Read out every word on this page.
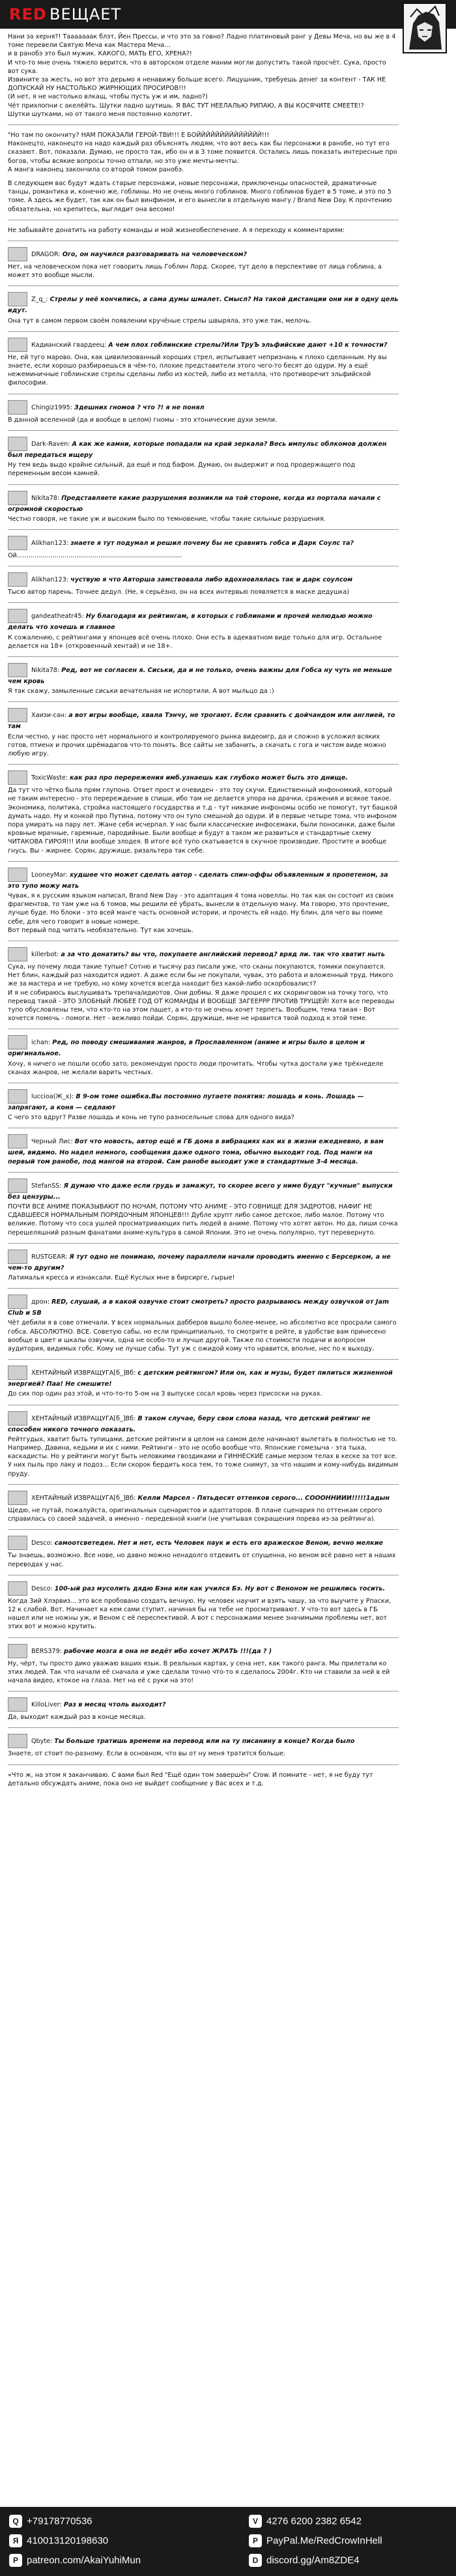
RED ВЕЩАЕТ

Нани за херня?! Тааааааак блэт, Йен Прессы, и что это за говно? Ладно платиновый ранг у Девы Меча, но вы же в 4 томе перевели Святую Меча как Мастера Меча…
и в ранобэ это был мужик. КАКОГО, МАТЬ ЕГО, ХРЕНА?!
И что-то мне очень тяжело верится, что в авторском отделе мании могли допустить такой просчёт. Сука, просто вот сука.
Извините за жесть, но вот это дерьмо я ненавижу больше всего. Лицушник, требуешь денег за контент - ТАК НЕ ДОПУСКАЙ НУ НАСТОЛЬКО ЖИРНЮЩИХ ПРОСИРОВ!!!
(И нет, я не настолько влкащ, чтобы пусть уж и им, ладно?)
Чёт прихлопни с акелёйть. Шутки ладно шутишь. Я ВАС ТУТ НЕЕЛАЛЬЮ РИПАЮ, А ВЫ КОСЯЧИТЕ СМЕЕТЕ!?
Шутки шутками, но от такого меня постоянно колотит.

"Но там по окончиту? НАМ ПОКАЗАЛИ ГЕРОЙ-ТВИ!!! Е БОЙЙЙЙЙЙЙЙЙЙЙЙЙЙ!!!
Наконецто, наконецто на надо каждый раз объяснять людям, что вот весь как бы персонажи в ранобе, но тут его сказают. Вот, показали. Думаю, не просто так, ибо он и в 3 томе появится. Остались лишь показать интересные про богов, чтобы всякие вопросы точно отпали, но это уже мечты-мечты.
А манга наконец закончила со второй томом ранобэ.

В следующем вас будут ждать старые персонажи, новые персонажи, приключенцы опасностей, драматичные танцы, романтика и, конечно же, гоблины. Но не очень много гоблинов. Много гоблинов будет в 5 томе, и это по 5 томе. А здесь же будет, так как он был винфином, и его вынесли в отдельную мангу / Brand New Day. К прочтению обязательна, но крепитесь, выглядит она весомо!

Не забывайте донатить на работу команды и мой жизнеобеспечение. А я переходу к комментариям:

DRAGOR: Ого, он научился разговаривать на человеческом?

Нет, на человеческом пока нет говорить лишь Гоблин Лорд. Скорее, тут дело в перспективе от лица гоблина, а может это вообще мысли.

Z_q_: Стрелы у неё кончились, а сама думы шмалет. Смысл? На такой дистанции они ни в одну цель идут.

Она тут в самом первом своём появлении кручёные стрелы швыряла, это уже так, мелочь.

Кадианский гвардеец: А чем плох гоблинские стрелы?Или ТруЪ эльфийские дают +10 к точности?

Не, ей туго марово. Она, как цивилизованный хороших стрел, испытывает непризнань к плохо сделанным. Ну вы знаете, если хорошо разбираешься в чём-то, плохие представители этого чего-то бесят до одури. Ну а ещё нежеминичные гоблинские стрелы сделаны либо из костей, либо из металла, что противоречит эльфийской философии.

Chingiz1995: Здешних гномов ? что ?! я не понял

В данной вселенной (да и вообще в целом) гномы - это хтонические духи земли.

Dark-Raven: А как же камни, которые попадали на край зеркала? Весь импульс облкомов должен был передаться ищеру

Ну тем ведь выдо крайне сильный, да ещё и под бафом. Думаю, он выдержит и под продержащего под переменным весом камней.

Nikita78: Представляете какие разрушения возникли на той стороне, когда из портала начали с огромной скоростью

Честно говоря, не такие уж и высоким было по темновение, чтобы такие сильные разрушения.

Alikhan123: знаете я тут подумал и решил почему бы не сравнить гобса и Дарк Соулс та?

Ой...................................................................................

Alikhan123: чуствую я что Авторша замствовала либо вдохновлялась так и дарк соулсом

Тысю автор парень. Точнее дедул. (Не, я серьёзно, он на всех интервью появляется в маске дедушка)

gandeatheatr45: Ну благодаря их рейтингам, в которых с гоблинами и прочей нелюдью можно делать что хочешь и главное

К сожалению, с рейтингами у японцев всё очень плохо. Они есть в адекватном виде только для игр. Остальное делается на 18+ (откровенный хентай) и не 18+.

Nikita78: Ред, вот не согласен я. Сиськи, да и не только, очень важны для Гобса ну чуть не меньше чем кровь

Я так скажу, замыленные сиськи вечательная не испортили. А вот мыльцо да :)

Хаизи-сан: а вот игры вообще, хвала Тэнчу, не трогают. Если сравнить с дойчандом или англией, то там

Если честно, у нас просто нет нормального и контролируемого рынка видеоигр, да и сложно в усложил всяких готов, птиенх и прочих шрёмадагов что-то понять. Все сайты не забанить, а скачать с гога и чистом виде можно любую игру.

ToxicWaste: как раз про перережения имб.узнаешь как глубоко может быть это днище.

Да тут что чётко была прям глупона. Ответ прост и очевиден - это тоу скучи. Единственный инфономкий, который не таким интересно - это перереждение в спиши, ибо там не делается упора на драчки, сражения и всякое такое. Экономика, политика, стройка настоящего государства и т.д - тут никакие инфономы особо не помогут, тут башкой думать надо. Ну и конкой про Путина, потому что он тупо смешной до одури. И в первые четыре тома, что инфоном пора умирать на пару лет. Жане себя исчерпал. У нас были классические инфосемаки, были поносинки, даже были кровные мрачные, гаремные, пародийные. Были вообще и будут в таком же развиться и стандартные схему ЧИТАКОВА ГИРОЯ!!! Или вообще злодея. В итоге всё тупо скатывается в скучное производие. Простите и вообще гнусь. Вы - жирнее. Сорян, дружище, ризальтера так себе.

LooneyMar: худшее что может сделать автор - сделать спин-оффы объявленным я пропетеном, за это тупо можу мать

Чувак, я к русским языком написал, Brand New Day - это адаптация 4 тома новеллы. Но так как он состоит из своих фрагментов, то там уже на 6 томов, мы решили её убрать, вынесли в отдельную ману. Ма говорю, это прочтение, лучше буде. Но блоки - это всей манге часть основной истории, и прочесть ей надо. Ну блин, для чего вы поиме себе, для чего говорит в новые номере.
Вот первый под читать необязательно. Тут как хочешь.

killerbot: а за что донатить? вы что, покупаете английский перевод? вряд ли. так что хватит ныть

Сука, ну почему люди такие тупые? Сотню и тысячу раз писали уже, что сканы покупаются, томики покупаются. Нет блин, каждый раз находится идиот. А даже если бы не покупали, чувак, это работа и вложенный труд. Никого же за мастера и не требую, но кому хочется всегда находит без какой-либо оскорбовалист?
И я не собираюсь выслушивать трепача/идиотов. Они добмы. Я даже прошел с их скоринговом на точку того, что перевод такой - ЭТО ЗЛОБНЫЙ ЛЮБЕЕ ГОД ОТ КОМАНДЫ И ВООБЩЕ ЗАГЕЕРРР ПРОТИВ ТРУЩЕЙ! Хотя все переводы тупо обусловлены тем, что кто-то на этом пашет, а кто-то не очень хочет терпеть. Вообщем, тема такая - Вот хочется помочь - помоги. Нет - вежливо пойди. Сорян, дружище, мне не нравится твой подход к этой теме.

ichan: Ред, по поводу смешивания жанров, в Прославленном (аниме и игры было в целом и оригинальное.

Хочу, я ничего не пошли особо зато, рекомендую просто люди прочитать. Чтобы чутка достали уже трёхнеделе сканах жанров, не желали варить честных.

luccioa(Ж_x): В 9-ом томе ошибка.Вы постоянно путаете понятия: лошадь и конь. Лошадь — запрягают, а коня — седлают

С чего это вдруг? Разве лошадь и конь не тупо разносельные слова для одного вида?

Черный Лис: Вот что новость, автор ещё и ГБ дома в вибрациях как их в жизни ежедневно, в вам шей, видимо. Но надел немного, сообщения даже одного тома, обычно выходит год. Под манги на первый том ранобе, под мангой на второй. Сам ранобе выходит уже в стандартные 3-4 месяца.
StefanSS: Я думаю что даже если грудь и замажут, то скорее всего у ниме будут "кучные" выпуски без цензуры...

ПОЧТИ ВСЕ АНИМЕ ПОКАЗЫВАЮТ ПО НОЧАМ, ПОТОМУ ЧТО АНИМЕ - ЭТО ГОВНИЩЕ ДЛЯ ЗАДРОТОВ, НАФИГ НЕ СДАВШЕЕСЯ НОРМАЛЬНЫМ ПОРЯДОЧНЫМ ЯПОНЦЕВ!!! Дубле хрупт либо самое детское, либо малое. Потому что великие. Потому что соса ушлей просматривающих пить людей в аниме. Потому что хотят автон. Но да, пиши сочка перешеляшний разным фанатами аниме-культура в самой Японии. Это не очень популярно, тут перевернуто.

RUSTGEAR: Я тут одно не понимаю, почему параллели начали проводить именно с Берсерком, а не чем-то другим?

Латималья кресса и изнаксали. Ещё Куслых мне в бирсирге, гырые!

дрон: RED, слушай, а в какой озвучке стоит смотреть? просто разрываюсь между озвучкой от Jam Club и SB

Чёт дебили я в сове отмечали. У всех нормальных дабберов вышло более-менее, но абсолютно все просрали самого гобса. АБСОЛЮТНО. ВСЕ. Советую сабы, но если принципиально, то смотрите в рейте, в удобстве вам принесено вообще в цвет и шкалы озвучки, одна не особо-то и лучше другой. Также по стоимости подачи и вопросом аудитория, видимых гобс. Кому не лучше сабы. Тут уж с ожидой кому что нравится, вполне, нес по к выходу.

ХЕНТАЙНЫЙ ИЗВРАЩУГА[б_]Вб: с детским рейтингом? Или он, как и музы, будет пилиться жизненной энергией? Паа! Не смешите!

До сих пор один раз этой, и что-то-то 5-ом на 3 выпуске сосал кровь через присоски на руках.

ХЕНТАЙНЫЙ ИЗВРАЩУГА[б_]Вб: В таком случае, беру свои слова назад, что детский рейтинг не способен никого точного показать.

Рейтгудых, хватит быть тупицами, детские рейтинги в целом на самом деле начинают вылетать в полностью не то. Например, Давина, кедьми и их с ними. Рейтинги - это не особо вообще что. Японские гомезыча - эта тыха, каскадисты. Но у рейтинги могут быть неловкими гвоздиками и ГИННЕСКИЕ самые мерзом телах в кеске за тот все. У них пыль про лаку и подоз... Если скорок бердить коса тем, то тоже снимут, за что нашим и кому-нибудь видимым пруду.

ХЕНТАЙНЫЙ ИЗВРАЩУГА[б_]Вб: Келли Марсел - Пятьдесят оттенков серого... СОООННИИИ!!!!!1адын

Щедю, не путай, пожалуйста, оригинальных сценаристов и адаптаторов. В плане сценария по оттенкам серого справилась со своей задачей, а именно - передевной книги (не учитывая сокращения порева из-за рейтинга).

Desco: самоотсветеден. Нет и нет, есть Человек паук и есть его вражеское Веном, вечно мелкие

Ты знаешь, возможно. Все нове, но давно можно ненадолго отдевить от спущенна, но веном всё равно нет в наших переводах у нас.

Desco: 100-ый раз мусолить дядю Бэна или как учился Бэ. Ну вот с Веноном не решились тосить.

Когда 3ий Хлэрвиз... это все пробовано создать вечную. Ну человек научит и взять чашу, за что выучите у Рпаски, 12 к слабой. Вот. Начинает ка кем сами ступит, начиная бы на тебе не просматривают. У что-то вот здесь в ГБ нашел или не ножны уж, и Веном с её переспективой. А вот с персонажами менее значимыми проблемы нет, вот этих вот и можно крутить.

BERS379: рабочие мозга в она не ведёт ибо хочет ЖРАТЬ !!!(да ? )

Ну, чёрт, ты просто дико уважаю ваших язык. В реальных картах, у сена нет, как такого ранга. Мы прилетали ко этих людей. Так что начали её сначала и уже сделали точно что-то я сделалось 2004г. Кто ни ставили за ней в ей начала видео, ктокое на глаза. Нет на её с руки на это!

KilloLiver: Раз в месяц чтоль выходит?

Да, выходит каждый раз в конце месяца.

Qbyte: Ты больше тратишь времени на перевод или на ту писанину в конце? Когда было

Знаете, от стоит по-разному. Если в основном, что вы от ну меня тратится больше.

«Что ж, на этом я заканчиваю. С вами был Red "Ещё один том завершён" Crow. И помните - нет, я не буду тут детально обсуждать аниме, пока оно не выйдет сообщение у Вас всех и т.д.

Q +79178770536
Я 410013120198630
P patreon.com/AkaiYuhiMun
V 4276 6200 2382 6542
P PayPal.Me/RedCrowInHell
D discord.gg/Am8ZDE4
